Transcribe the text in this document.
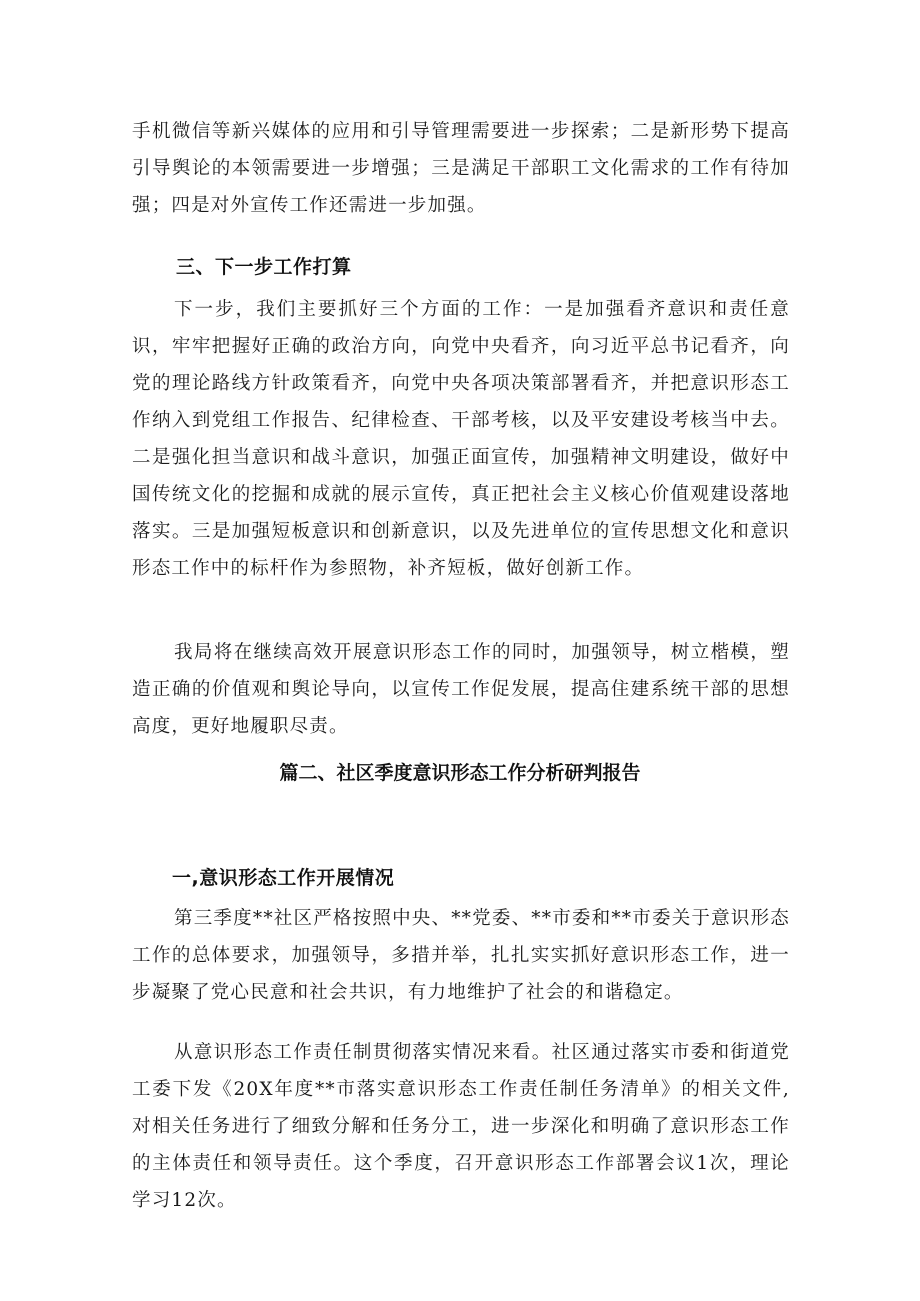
手机微信等新兴媒体的应用和引导管理需要进一步探索；二是新形势下提高引导舆论的本领需要进一步增强；三是满足干部职工文化需求的工作有待加强；四是对外宣传工作还需进一步加强。

三、下一步工作打算

下一步，我们主要抓好三个方面的工作：一是加强看齐意识和责任意识，牢牢把握好正确的政治方向，向党中央看齐，向习近平总书记看齐，向党的理论路线方针政策看齐，向党中央各项决策部署看齐，并把意识形态工作纳入到党组工作报告、纪律检查、干部考核，以及平安建设考核当中去。二是强化担当意识和战斗意识，加强正面宣传，加强精神文明建设，做好中国传统文化的挖掘和成就的展示宣传，真正把社会主义核心价值观建设落地落实。三是加强短板意识和创新意识，以及先进单位的宣传思想文化和意识形态工作中的标杆作为参照物，补齐短板，做好创新工作。

我局将在继续高效开展意识形态工作的同时，加强领导，树立楷模，塑造正确的价值观和舆论导向，以宣传工作促发展，提高住建系统干部的思想高度，更好地履职尽责。

篇二、社区季度意识形态工作分析研判报告
一,意识形态工作开展情况

第三季度**社区严格按照中央、**党委、**市委和**市委关于意识形态工作的总体要求，加强领导，多措并举，扎扎实实抓好意识形态工作，进一步凝聚了党心民意和社会共识，有力地维护了社会的和谐稳定。

从意识形态工作责任制贯彻落实情况来看。社区通过落实市委和街道党工委下发《20X年度**市落实意识形态工作责任制任务清单》的相关文件,对相关任务进行了细致分解和任务分工，进一步深化和明确了意识形态工作的主体责任和领导责任。这个季度，召开意识形态工作部署会议1次，理论学习12次。
